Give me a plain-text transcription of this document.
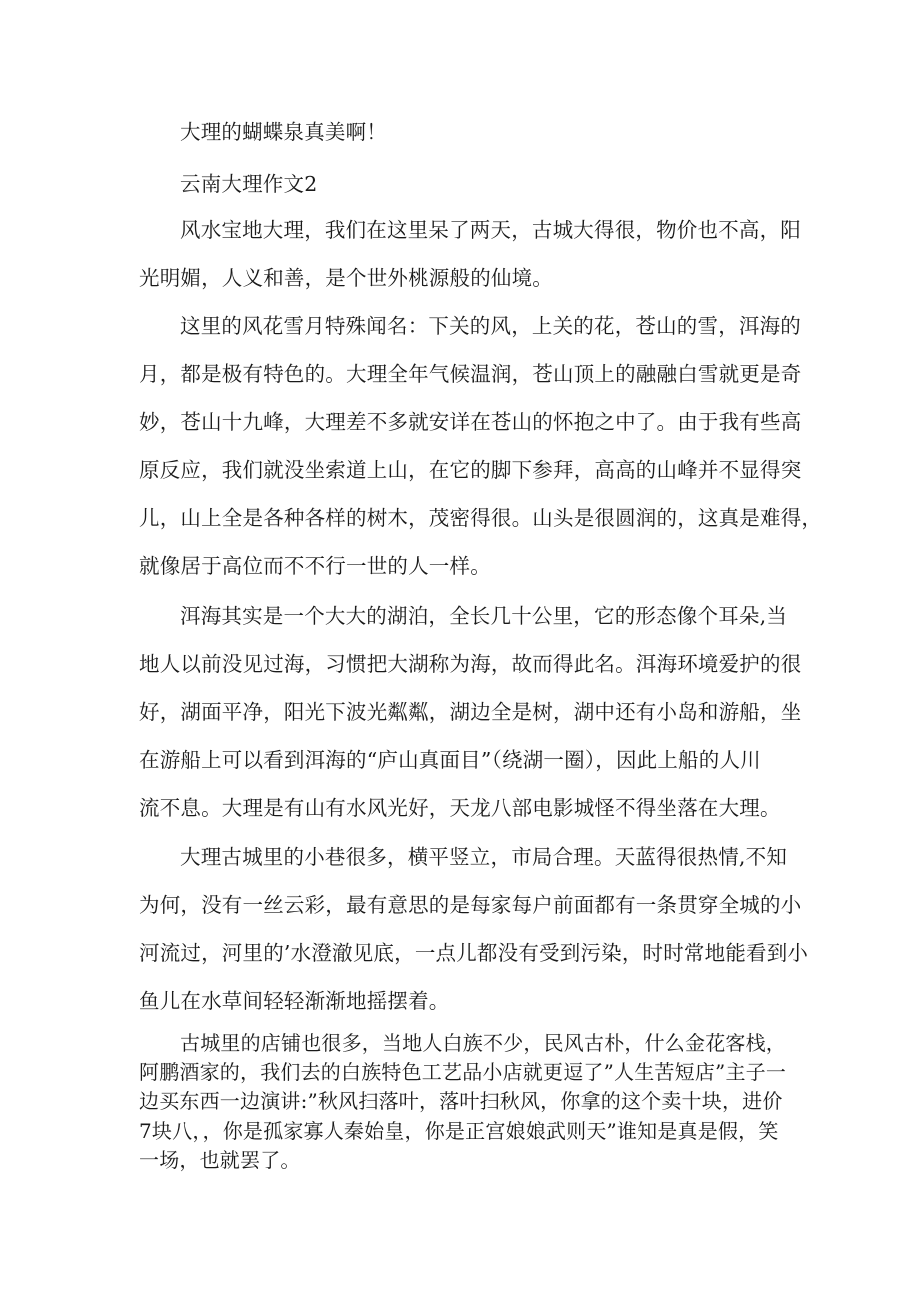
大理的蝴蝶泉真美啊！
云南大理作文2
风水宝地大理，我们在这里呆了两天，古城大得很，物价也不高，阳
光明媚，人义和善，是个世外桃源般的仙境。
这里的风花雪月特殊闻名：下关的风，上关的花，苍山的雪，洱海的
月，都是极有特色的。大理全年气候温润，苍山顶上的融融白雪就更是奇
妙，苍山十九峰，大理差不多就安详在苍山的怀抱之中了。由于我有些高
原反应，我们就没坐索道上山，在它的脚下参拜，高高的山峰并不显得突
儿，山上全是各种各样的树木，茂密得很。山头是很圆润的，这真是难得，
就像居于高位而不不行一世的人一样。
洱海其实是一个大大的湖泊，全长几十公里，它的形态像个耳朵,当
地人以前没见过海，习惯把大湖称为海，故而得此名。洱海环境爱护的很
好，湖面平净，阳光下波光粼粼，湖边全是树，湖中还有小岛和游船，坐
在游船上可以看到洱海的“庐山真面目”（绕湖一圈），因此上船的人川
流不息。大理是有山有水风光好，天龙八部电影城怪不得坐落在大理。
大理古城里的小巷很多，横平竖立，市局合理。天蓝得很热情,不知
为何，没有一丝云彩，最有意思的是每家每户前面都有一条贯穿全城的小
河流过，河里的’水澄澈见底，一点儿都没有受到污染，时时常地能看到小
鱼儿在水草间轻轻渐渐地摇摆着。
古城里的店铺也很多，当地人白族不少，民风古朴，什么金花客栈，
阿鹏酒家的，我们去的白族特色工艺品小店就更逗了”人生苦短店”主子一
边买东西一边演讲:”秋风扫落叶，落叶扫秋风，你拿的这个卖十块，进价
7块八，，你是孤家寡人秦始皇，你是正宫娘娘武则天”谁知是真是假，笑
一场，也就罢了。
